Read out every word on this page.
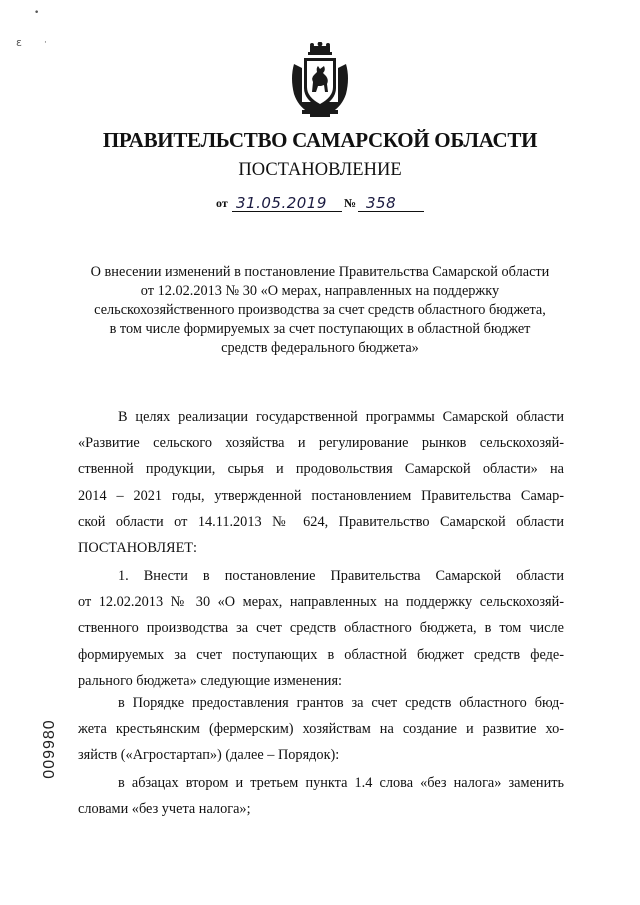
•
ɛ ·
ПРАВИТЕЛЬСТВО САМАРСКОЙ ОБЛАСТИ
ПОСТАНОВЛЕНИЕ
от 31.05.2019 № 358
О внесении изменений в постановление Правительства Самарской области
от 12.02.2013 № 30 «О мерах, направленных на поддержку
сельскохозяйственного производства за счет средств областного бюджета,
в том числе формируемых за счет поступающих в областной бюджет
средств федерального бюджета»
В целях реализации государственной программы Самарской области
«Развитие сельского хозяйства и регулирование рынков сельскохозяй-
ственной продукции, сырья и продовольствия Самарской области» на
2014 – 2021 годы, утвержденной постановлением Правительства Самар-
ской области от 14.11.2013 № 624, Правительство Самарской области
ПОСТАНОВЛЯЕТ:
1. Внести в постановление Правительства Самарской области
от 12.02.2013 № 30 «О мерах, направленных на поддержку сельскохозяй-
ственного производства за счет средств областного бюджета, в том числе
формируемых за счет поступающих в областной бюджет средств феде-
рального бюджета» следующие изменения:
в Порядке предоставления грантов за счет средств областного бюд-
жета крестьянским (фермерским) хозяйствам на создание и развитие хо-
зяйств («Агростартап») (далее – Порядок):
в абзацах втором и третьем пункта 1.4 слова «без налога» заменить
словами «без учета налога»;
009980
